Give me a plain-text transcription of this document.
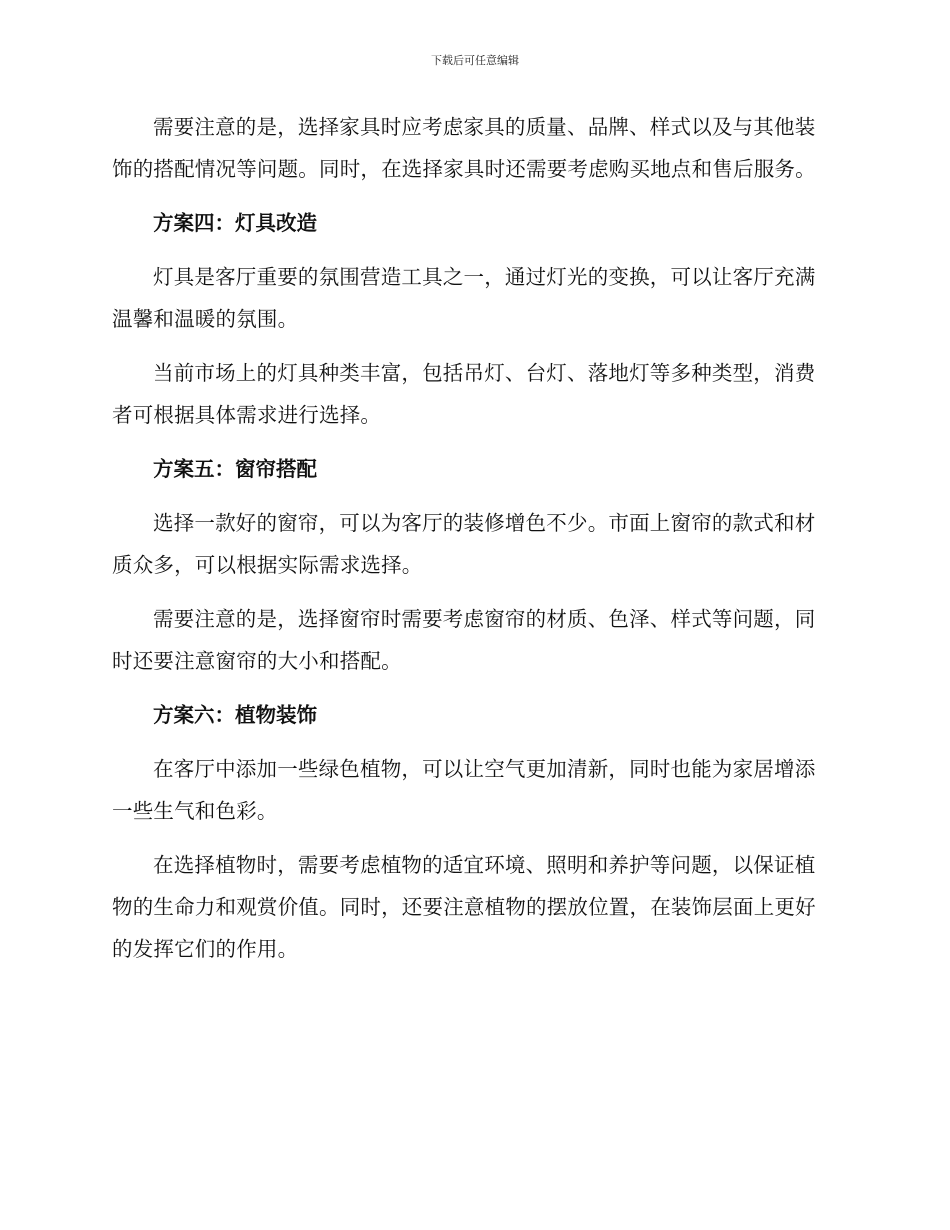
下载后可任意编辑

需要注意的是，选择家具时应考虑家具的质量、品牌、样式以及与其他装饰的搭配情况等问题。同时，在选择家具时还需要考虑购买地点和售后服务。

方案四：灯具改造

灯具是客厅重要的氛围营造工具之一，通过灯光的变换，可以让客厅充满温馨和温暖的氛围。

当前市场上的灯具种类丰富，包括吊灯、台灯、落地灯等多种类型，消费者可根据具体需求进行选择。

方案五：窗帘搭配

选择一款好的窗帘，可以为客厅的装修增色不少。市面上窗帘的款式和材质众多，可以根据实际需求选择。

需要注意的是，选择窗帘时需要考虑窗帘的材质、色泽、样式等问题，同时还要注意窗帘的大小和搭配。

方案六：植物装饰

在客厅中添加一些绿色植物，可以让空气更加清新，同时也能为家居增添一些生气和色彩。

在选择植物时，需要考虑植物的适宜环境、照明和养护等问题，以保证植物的生命力和观赏价值。同时，还要注意植物的摆放位置，在装饰层面上更好的发挥它们的作用。
